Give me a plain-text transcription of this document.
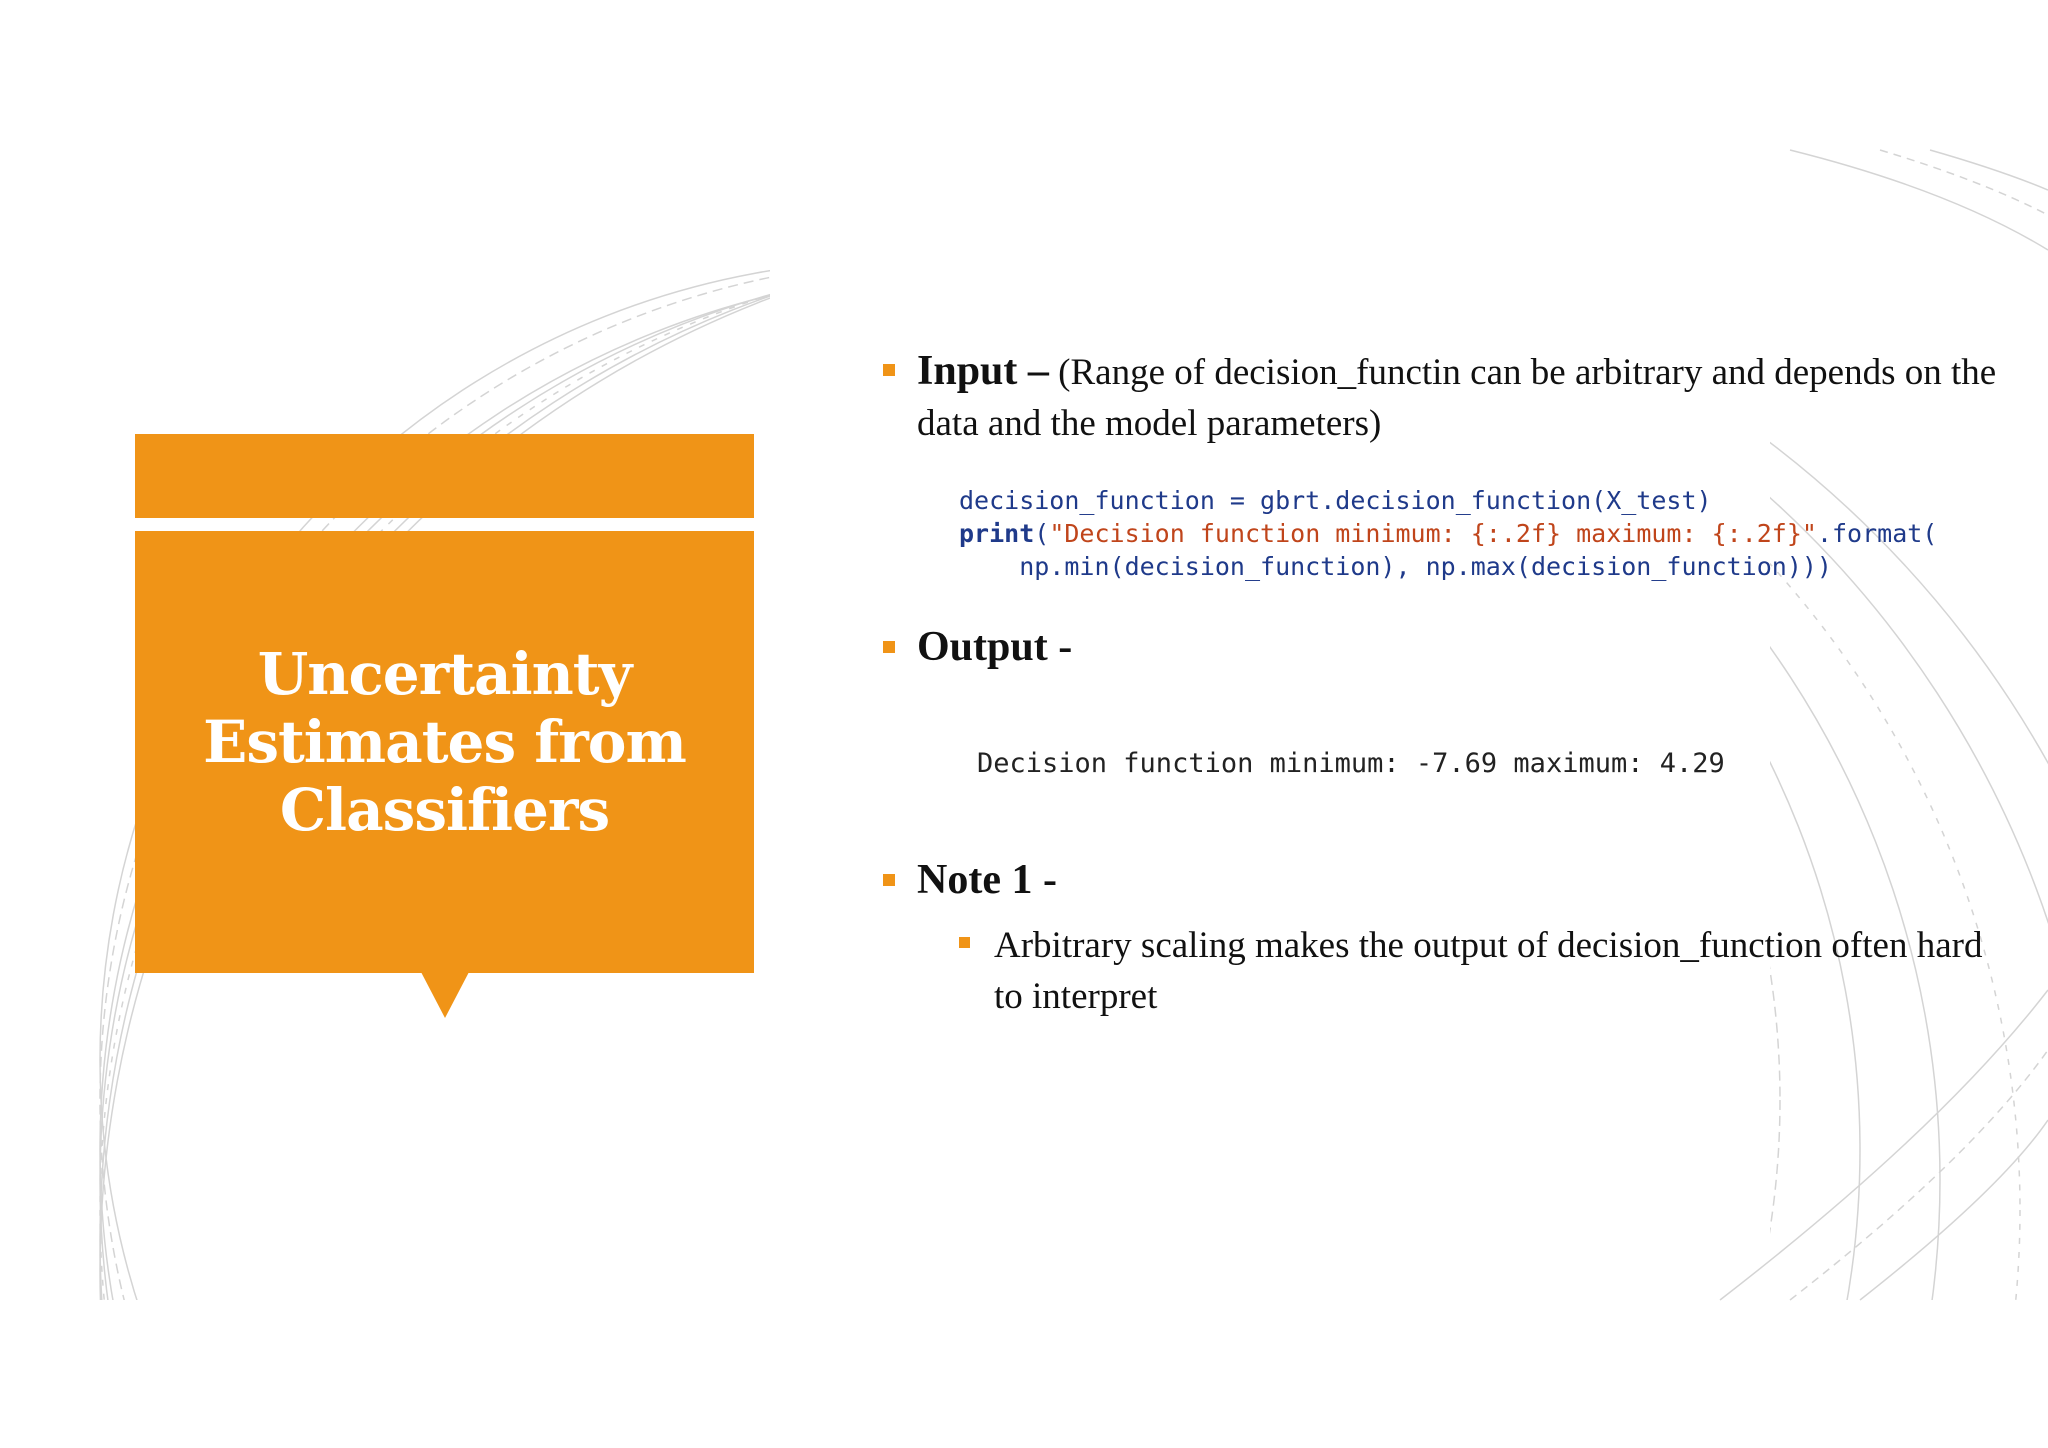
Uncertainty Estimates from Classifiers
Input – (Range of decision_functin can be arbitrary and depends on the data and the model parameters)
decision_function = gbrt.decision_function(X_test)
print("Decision function minimum: {:.2f} maximum: {:.2f}".format(
np.min(decision_function), np.max(decision_function)))
Output -
Decision function minimum: -7.69 maximum: 4.29
Note 1 -
Arbitrary scaling makes the output of decision_function often hard to interpret
